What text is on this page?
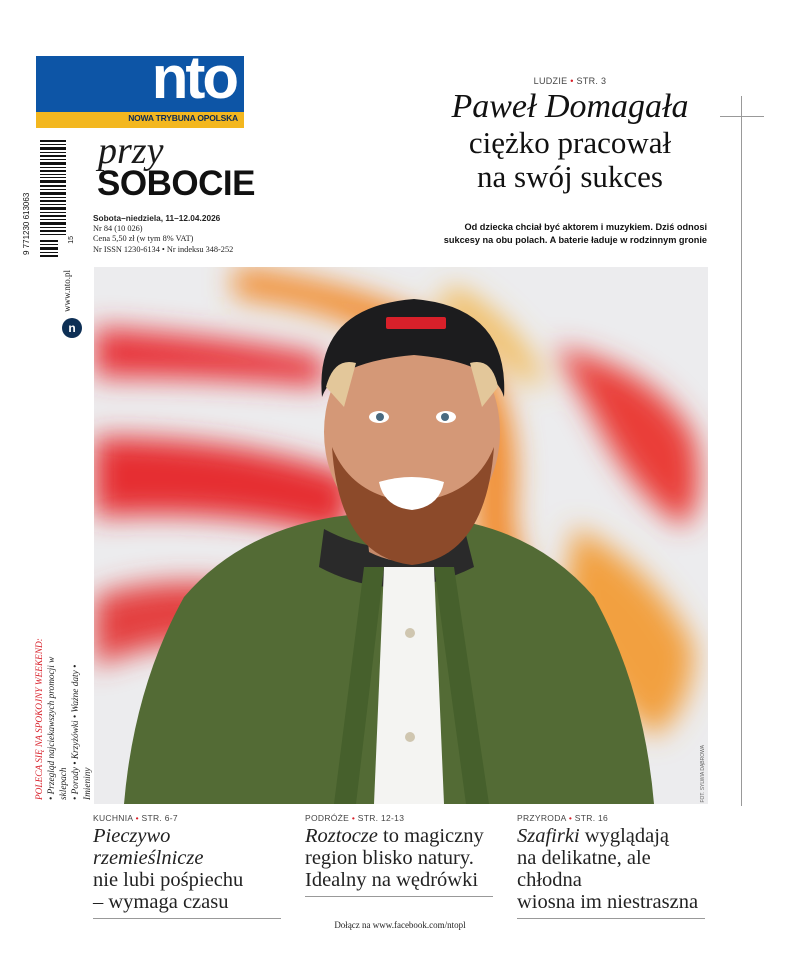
nto
NOWA TRYBUNA OPOLSKA
9 771230 613063	15
przy
SOBOCIE
Sobota–niedziela, 11–12.04.2026
Nr 84 (10 026)
Cena 5,50 zł (w tym 8% VAT)
Nr ISSN 1230-6134 • Nr indeksu 348-252
www.nto.pl
n
POLECA SIĘ NA SPOKOJNY WEEKEND: • Przegląd najciekawszych promocji w sklepach • Porady • Krzyżówki • Ważne daty • Imieniny
LUDZIE • STR. 3
Paweł Domagała
ciężko pracował
na swój sukces
Od dziecka chciał być aktorem i muzykiem. Dziś odnosi
sukcesy na obu polach. A baterie ładuje w rodzinnym gronie
FOT. SYLWIA DĄBROWA
KUCHNIA • STR. 6-7
Pieczywo rzemieślnicze
nie lubi pośpiechu
– wymaga czasu
PODRÓŻE • STR. 12-13
Roztocze to magiczny
region blisko natury.
Idealny na wędrówki
PRZYRODA • STR. 16
Szafirki wyglądają
na delikatne, ale chłodna
wiosna im niestraszna
Dołącz na www.facebook.com/ntopl
